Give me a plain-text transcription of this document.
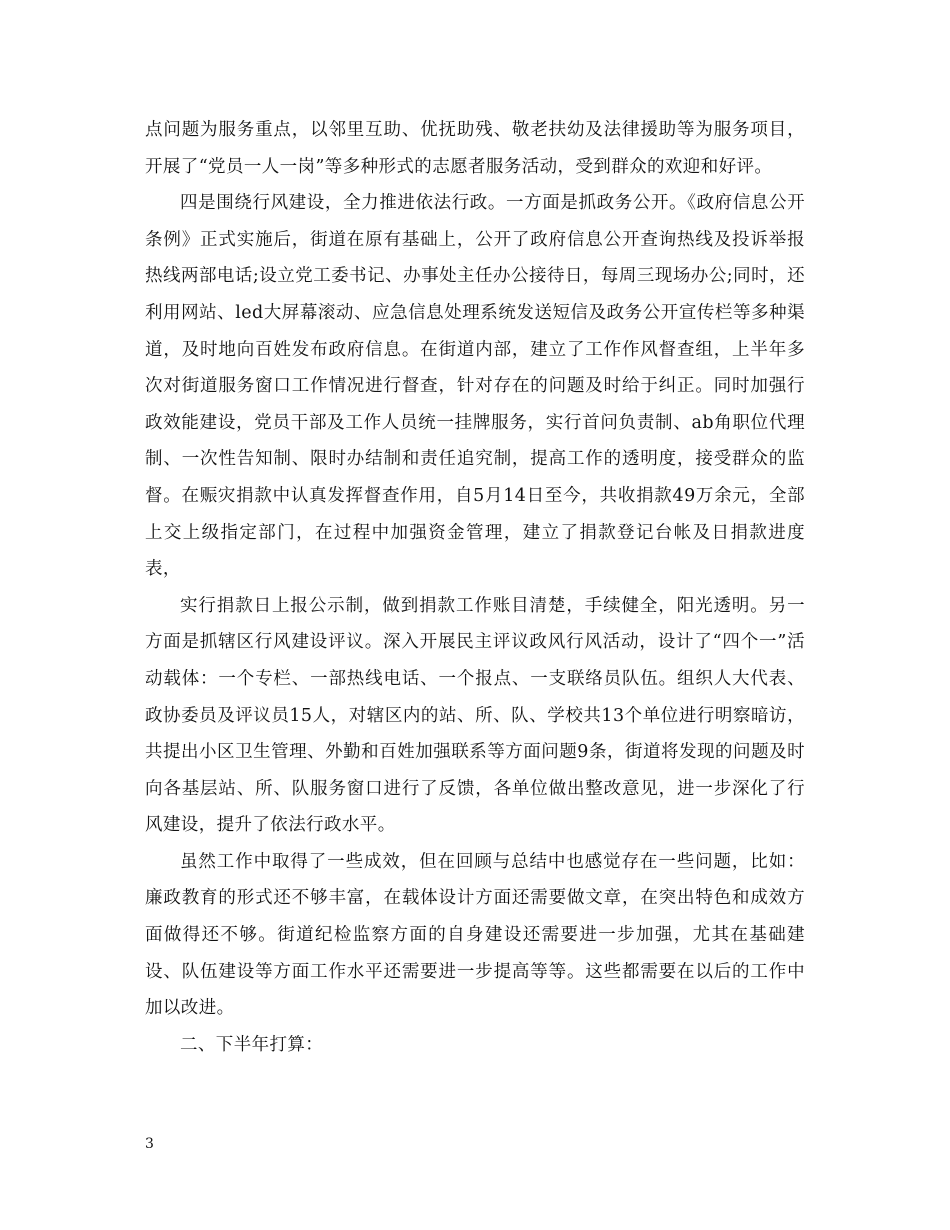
点问题为服务重点，以邻里互助、优抚助残、敬老扶幼及法律援助等为服务项目，开展了“党员一人一岗”等多种形式的志愿者服务活动，受到群众的欢迎和好评。

四是围绕行风建设，全力推进依法行政。一方面是抓政务公开。《政府信息公开条例》正式实施后，街道在原有基础上，公开了政府信息公开查询热线及投诉举报热线两部电话;设立党工委书记、办事处主任办公接待日，每周三现场办公;同时，还利用网站、led大屏幕滚动、应急信息处理系统发送短信及政务公开宣传栏等多种渠道，及时地向百姓发布政府信息。在街道内部，建立了工作作风督查组，上半年多次对街道服务窗口工作情况进行督查，针对存在的问题及时给于纠正。同时加强行政效能建设，党员干部及工作人员统一挂牌服务，实行首问负责制、ab角职位代理制、一次性告知制、限时办结制和责任追究制，提高工作的透明度，接受群众的监督。在赈灾捐款中认真发挥督查作用，自5月14日至今，共收捐款49万余元，全部上交上级指定部门，在过程中加强资金管理，建立了捐款登记台帐及日捐款进度表，

实行捐款日上报公示制，做到捐款工作账目清楚，手续健全，阳光透明。另一方面是抓辖区行风建设评议。深入开展民主评议政风行风活动，设计了“四个一”活动载体：一个专栏、一部热线电话、一个报点、一支联络员队伍。组织人大代表、政协委员及评议员15人，对辖区内的站、所、队、学校共13个单位进行明察暗访，共提出小区卫生管理、外勤和百姓加强联系等方面问题9条，街道将发现的问题及时向各基层站、所、队服务窗口进行了反馈，各单位做出整改意见，进一步深化了行风建设，提升了依法行政水平。

虽然工作中取得了一些成效，但在回顾与总结中也感觉存在一些问题，比如：廉政教育的形式还不够丰富，在载体设计方面还需要做文章，在突出特色和成效方面做得还不够。街道纪检监察方面的自身建设还需要进一步加强，尤其在基础建设、队伍建设等方面工作水平还需要进一步提高等等。这些都需要在以后的工作中加以改进。

二、下半年打算：

3
